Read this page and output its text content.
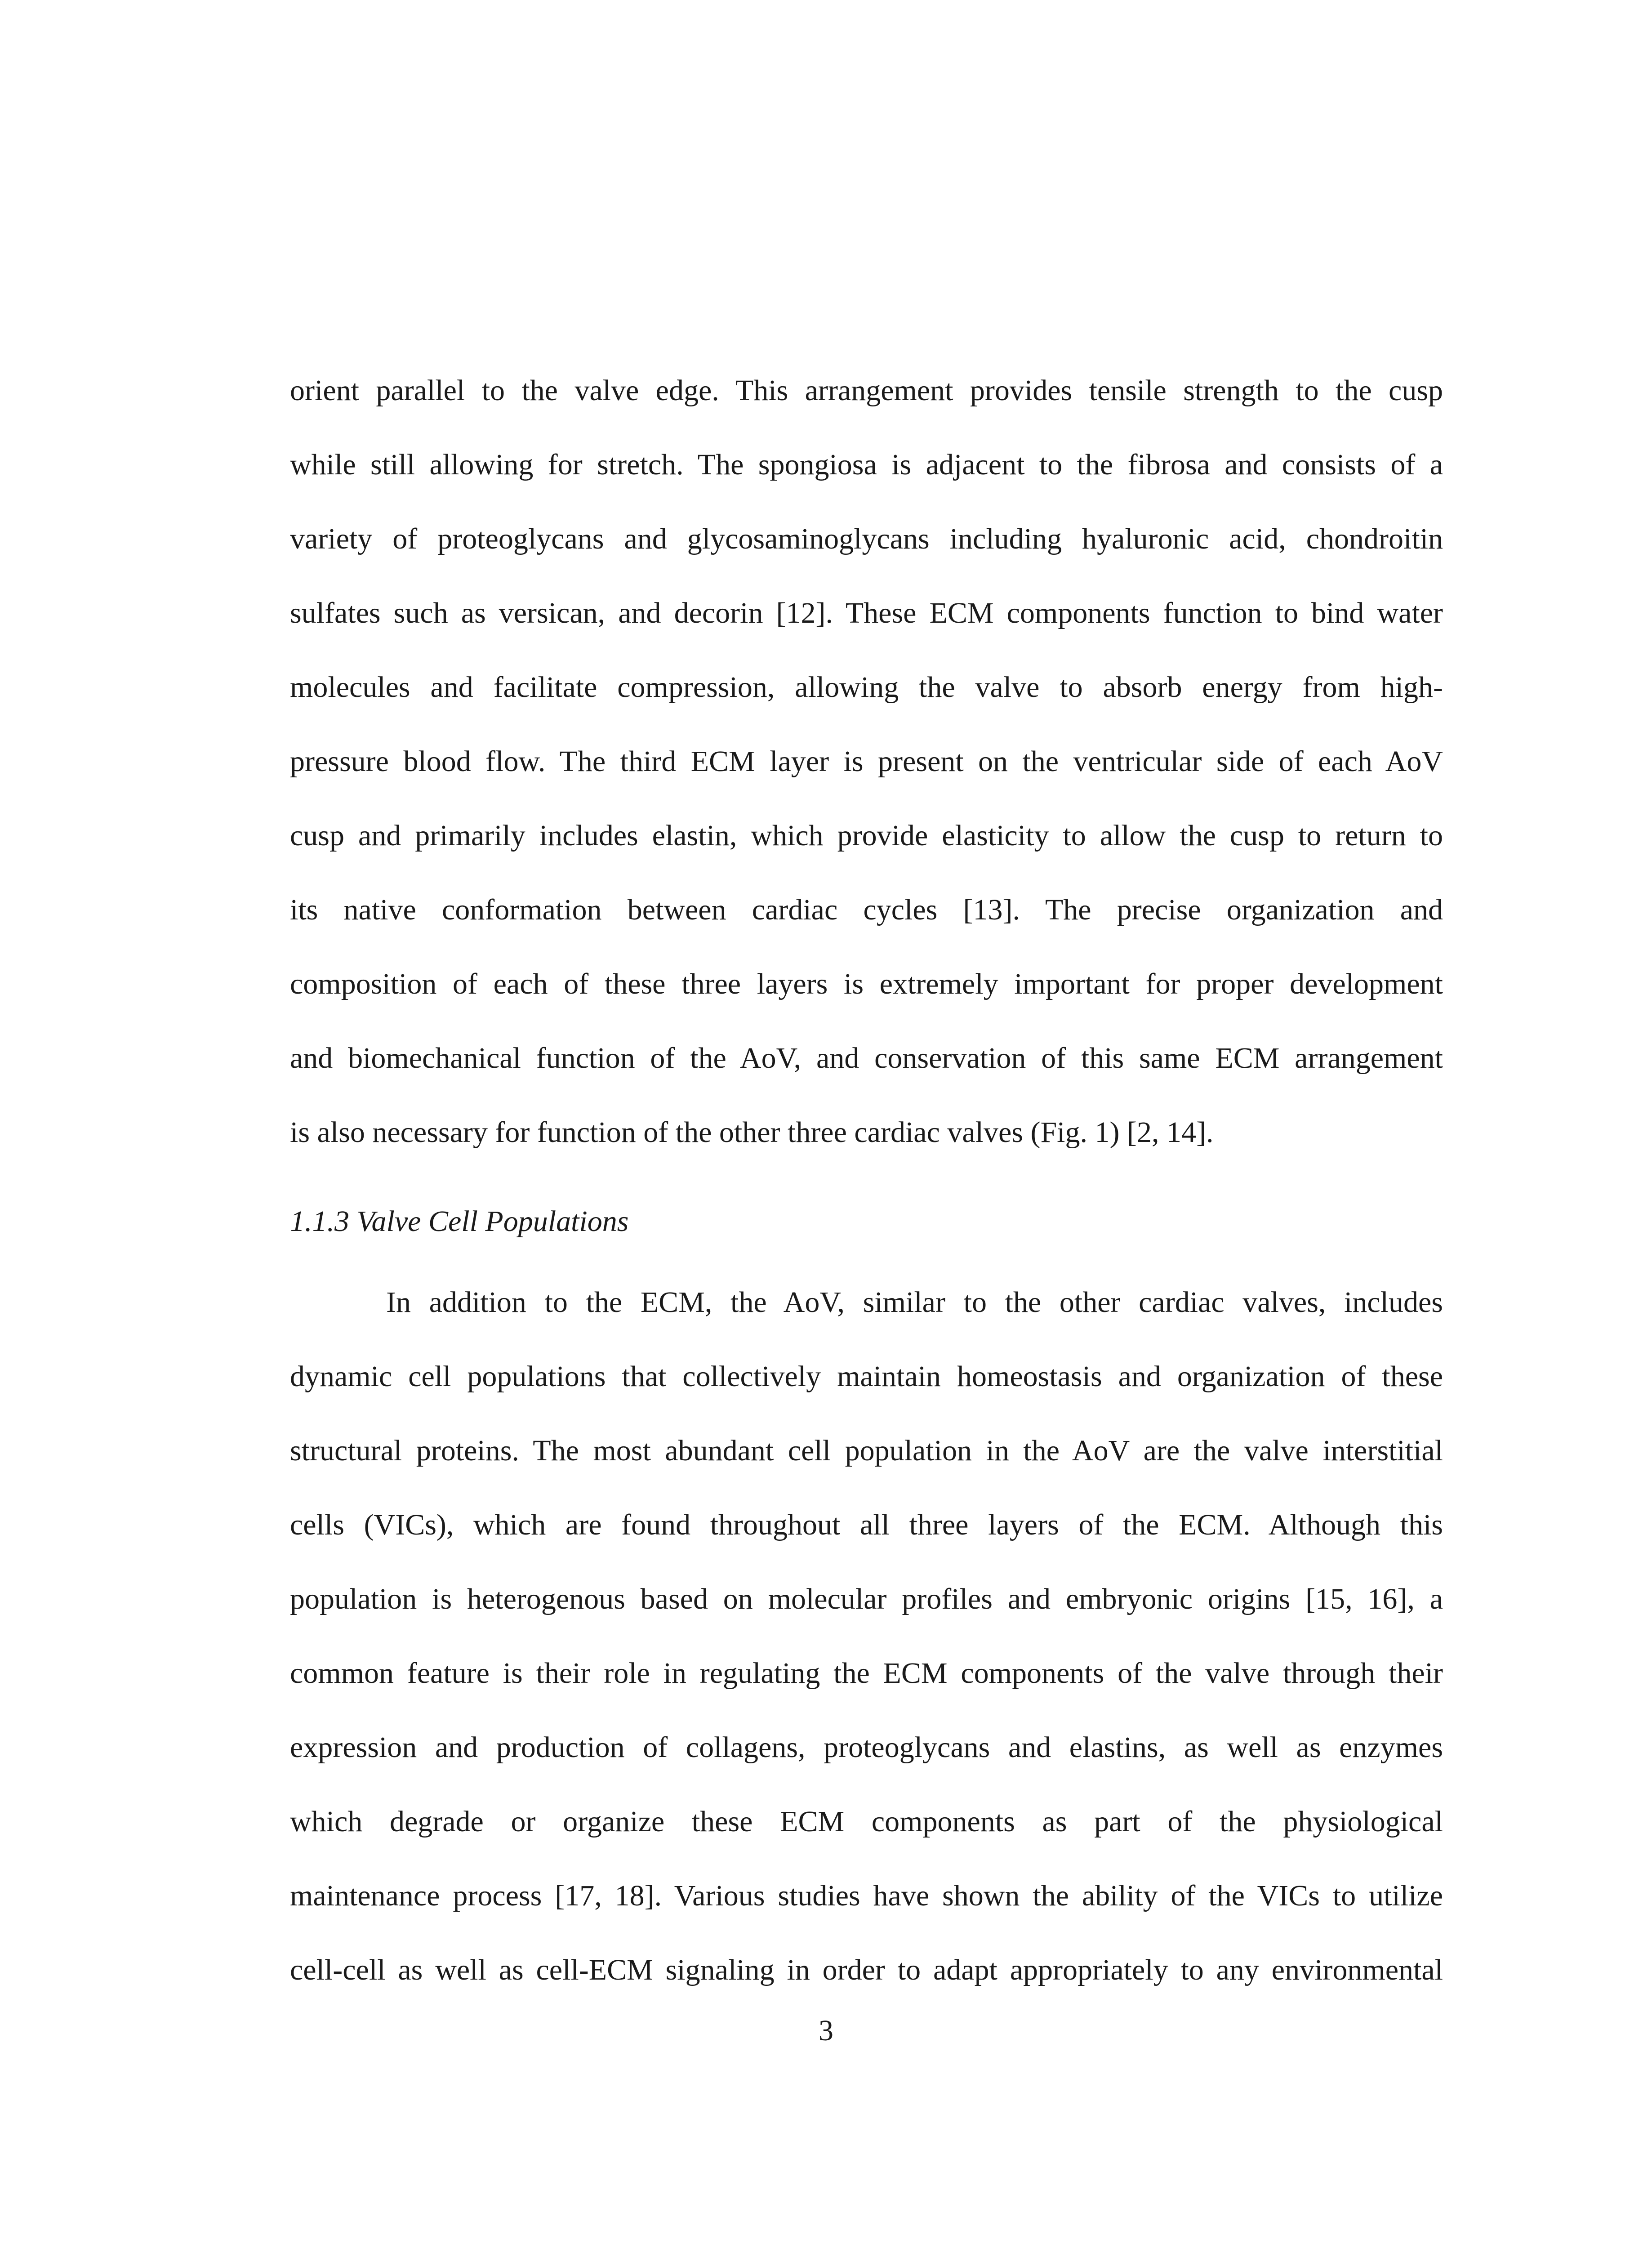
orient parallel to the valve edge. This arrangement provides tensile strength to the cusp
while still allowing for stretch. The spongiosa is adjacent to the fibrosa and consists of a
variety of proteoglycans and glycosaminoglycans including hyaluronic acid, chondroitin
sulfates such as versican, and decorin [12]. These ECM components function to bind water
molecules and facilitate compression, allowing the valve to absorb energy from high-
pressure blood flow. The third ECM layer is present on the ventricular side of each AoV
cusp and primarily includes elastin, which provide elasticity to allow the cusp to return to
its native conformation between cardiac cycles [13]. The precise organization and
composition of each of these three layers is extremely important for proper development
and biomechanical function of the AoV, and conservation of this same ECM arrangement
is also necessary for function of the other three cardiac valves (Fig. 1) [2, 14].
1.1.3 Valve Cell Populations
In addition to the ECM, the AoV, similar to the other cardiac valves, includes
dynamic cell populations that collectively maintain homeostasis and organization of these
structural proteins. The most abundant cell population in the AoV are the valve interstitial
cells (VICs), which are found throughout all three layers of the ECM. Although this
population is heterogenous based on molecular profiles and embryonic origins [15, 16], a
common feature is their role in regulating the ECM components of the valve through their
expression and production of collagens, proteoglycans and elastins, as well as enzymes
which degrade or organize these ECM components as part of the physiological
maintenance process [17, 18]. Various studies have shown the ability of the VICs to utilize
cell-cell as well as cell-ECM signaling in order to adapt appropriately to any environmental
3
